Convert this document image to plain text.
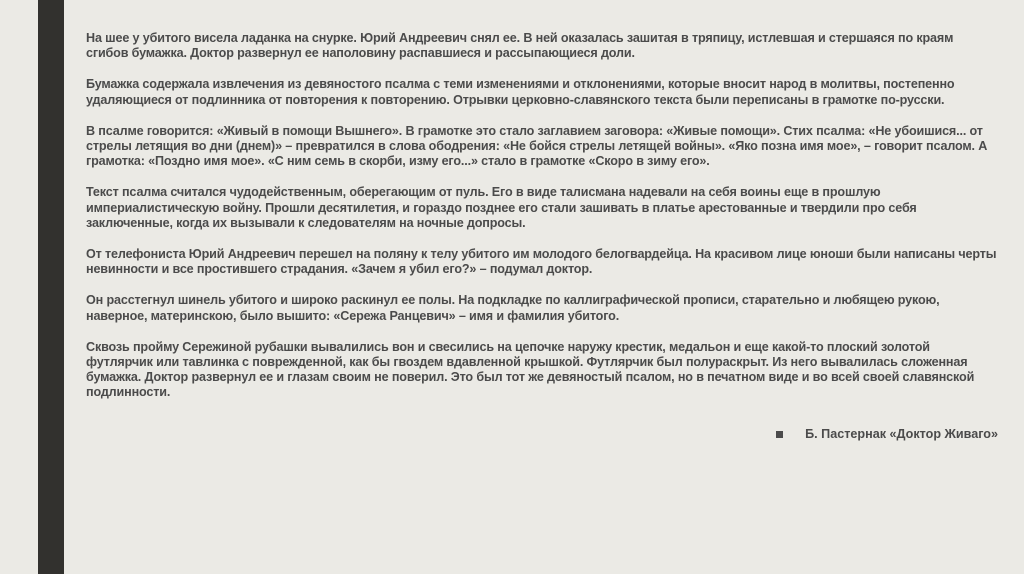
На шее у убитого висела ладанка на снурке. Юрий Андреевич снял ее. В ней оказалась зашитая в тряпицу, истлевшая и стершаяся по краям сгибов бумажка. Доктор развернул ее наполовину распавшиеся и рассыпающиеся доли.

Бумажка содержала извлечения из девяностого псалма с теми изменениями и отклонениями, которые вносит народ в молитвы, постепенно удаляющиеся от подлинника от повторения к повторению. Отрывки церковно-славянского текста были переписаны в грамотке по-русски.

В псалме говорится: «Живый в помощи Вышнего». В грамотке это стало заглавием заговора: «Живые помощи». Стих псалма: «Не убоишися... от стрелы летящия во дни (днем)» – превратился в слова ободрения: «Не бойся стрелы летящей войны». «Яко позна имя мое», – говорит псалом. А грамотка: «Поздно имя мое». «С ним семь в скорби, изму его...» стало в грамотке «Скоро в зиму его».

Текст псалма считался чудодейственным, оберегающим от пуль. Его в виде талисмана надевали на себя воины еще в прошлую империалистическую войну. Прошли десятилетия, и гораздо позднее его стали зашивать в платье арестованные и твердили про себя заключенные, когда их вызывали к следователям на ночные допросы.

От телефониста Юрий Андреевич перешел на поляну к телу убитого им молодого белогвардейца. На красивом лице юноши были написаны черты невинности и все простившего страдания. «Зачем я убил его?» – подумал доктор.

Он расстегнул шинель убитого и широко раскинул ее полы. На подкладке по каллиграфической прописи, старательно и любящею рукою, наверное, материнскою, было вышито: «Сережа Ранцевич» – имя и фамилия убитого.

Сквозь пройму Сережиной рубашки вывалились вон и свесились на цепочке наружу крестик, медальон и еще какой-то плоский золотой футлярчик или тавлинка с поврежденной, как бы гвоздем вдавленной крышкой. Футлярчик был полураскрыт. Из него вывалилась сложенная бумажка. Доктор развернул ее и глазам своим не поверил. Это был тот же девяностый псалом, но в печатном виде и во всей своей славянской подлинности.

Б. Пастернак «Доктор Живаго»
